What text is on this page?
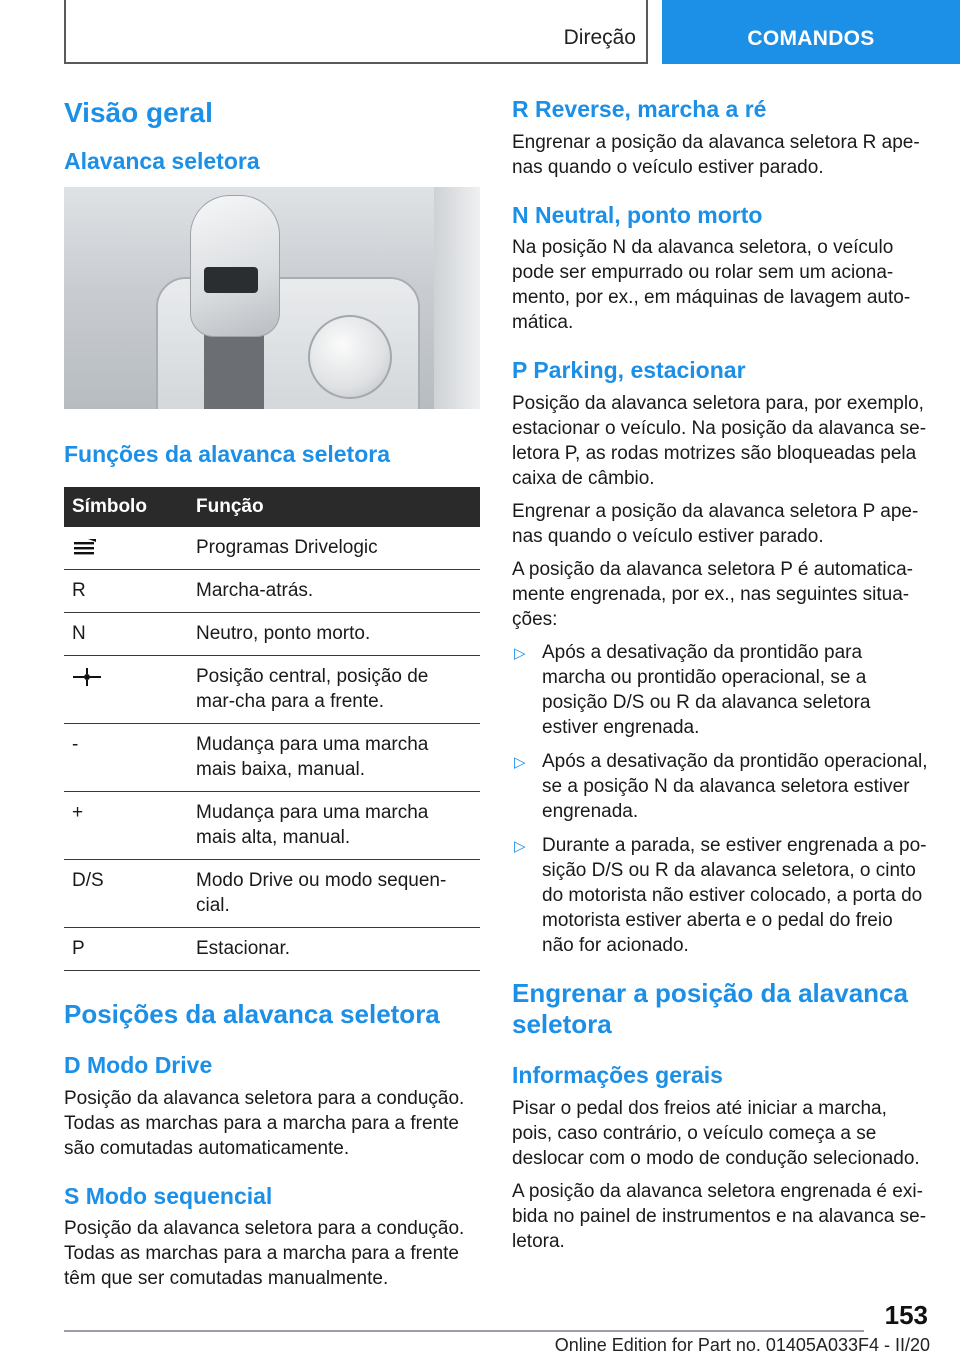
Direção	COMANDOS
Visão geral
Alavanca seletora
Funções da alavanca seletora
Símbolo	Função
	Programas Drivelogic
R	Marcha-atrás.
N	Neutro, ponto morto.
	Posição central, posição de mar-cha para a frente.
-	Mudança para uma marcha mais baixa, manual.
+	Mudança para uma marcha mais alta, manual.
D/S	Modo Drive ou modo sequen-cial.
P	Estacionar.
Posições da alavanca seletora
D Modo Drive

Posição da alavanca seletora para a condução. Todas as marchas para a marcha para a frente são comutadas automaticamente.

S Modo sequencial

Posição da alavanca seletora para a condução. Todas as marchas para a marcha para a frente têm que ser comutadas manualmente.

R Reverse, marcha a ré

Engrenar a posição da alavanca seletora R ape-nas quando o veículo estiver parado.

N Neutral, ponto morto

Na posição N da alavanca seletora, o veículo pode ser empurrado ou rolar sem um aciona-mento, por ex., em máquinas de lavagem auto-mática.

P Parking, estacionar

Posição da alavanca seletora para, por exemplo, estacionar o veículo. Na posição da alavanca se-letora P, as rodas motrizes são bloqueadas pela caixa de câmbio.

Engrenar a posição da alavanca seletora P ape-nas quando o veículo estiver parado.

A posição da alavanca seletora P é automatica-mente engrenada, por ex., nas seguintes situa-ções:

▷ Após a desativação da prontidão para marcha ou prontidão operacional, se a posição D/S ou R da alavanca seletora estiver engrenada.
▷ Após a desativação da prontidão operacional, se a posição N da alavanca seletora estiver engrenada.
▷ Durante a parada, se estiver engrenada a po-sição D/S ou R da alavanca seletora, o cinto do motorista não estiver colocado, a porta do motorista estiver aberta e o pedal do freio não for acionado.
Engrenar a posição da alavanca seletora
Informações gerais

Pisar o pedal dos freios até iniciar a marcha, pois, caso contrário, o veículo começa a se deslocar com o modo de condução selecionado.

A posição da alavanca seletora engrenada é exi-bida no painel de instrumentos e na alavanca se-letora.

153
Online Edition for Part no. 01405A033F4 - II/20
